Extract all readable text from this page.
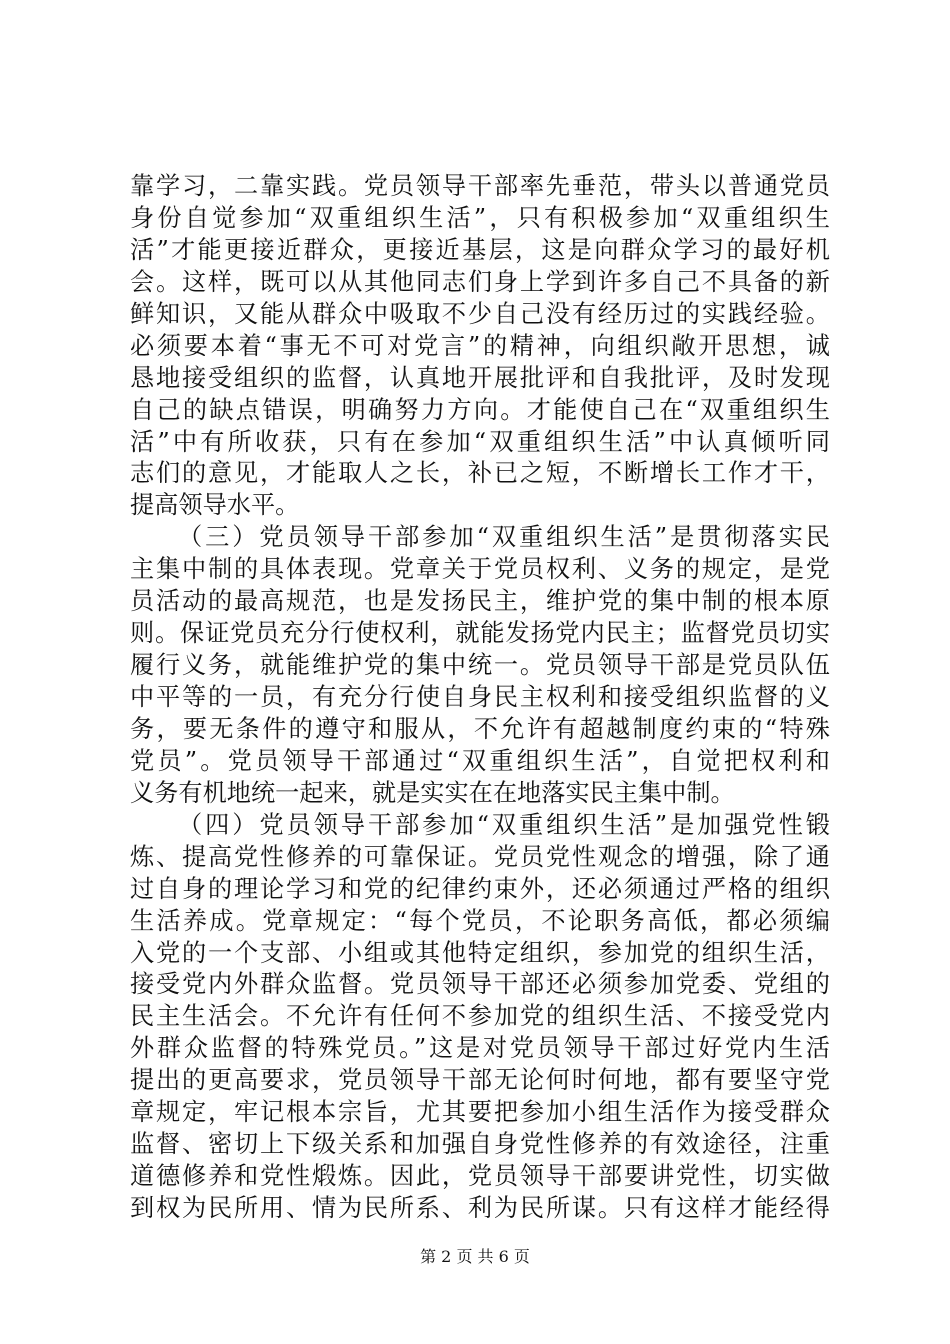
靠学习，二靠实践。党员领导干部率先垂范，带头以普通党员
身份自觉参加“双重组织生活”，只有积极参加“双重组织生
活”才能更接近群众，更接近基层，这是向群众学习的最好机
会。这样，既可以从其他同志们身上学到许多自己不具备的新
鲜知识，又能从群众中吸取不少自己没有经历过的实践经验。
必须要本着“事无不可对党言”的精神，向组织敞开思想，诚
恳地接受组织的监督，认真地开展批评和自我批评，及时发现
自己的缺点错误，明确努力方向。才能使自己在“双重组织生
活”中有所收获，只有在参加“双重组织生活”中认真倾听同
志们的意见，才能取人之长，补已之短，不断增长工作才干，
提高领导水平。
（三）党员领导干部参加“双重组织生活”是贯彻落实民
主集中制的具体表现。党章关于党员权利、义务的规定，是党
员活动的最高规范，也是发扬民主，维护党的集中制的根本原
则。保证党员充分行使权利，就能发扬党内民主；监督党员切实
履行义务，就能维护党的集中统一。党员领导干部是党员队伍
中平等的一员，有充分行使自身民主权利和接受组织监督的义
务，要无条件的遵守和服从，不允许有超越制度约束的“特殊
党员”。党员领导干部通过“双重组织生活”，自觉把权利和
义务有机地统一起来，就是实实在在地落实民主集中制。
（四）党员领导干部参加“双重组织生活”是加强党性锻
炼、提高党性修养的可靠保证。党员党性观念的增强，除了通
过自身的理论学习和党的纪律约束外，还必须通过严格的组织
生活养成。党章规定：“每个党员，不论职务高低，都必须编
入党的一个支部、小组或其他特定组织，参加党的组织生活，
接受党内外群众监督。党员领导干部还必须参加党委、党组的
民主生活会。不允许有任何不参加党的组织生活、不接受党内
外群众监督的特殊党员。”这是对党员领导干部过好党内生活
提出的更高要求，党员领导干部无论何时何地，都有要坚守党
章规定，牢记根本宗旨，尤其要把参加小组生活作为接受群众
监督、密切上下级关系和加强自身党性修养的有效途径，注重
道德修养和党性煅炼。因此，党员领导干部要讲党性，切实做
到权为民所用、情为民所系、利为民所谋。只有这样才能经得
第 2 页 共 6 页
